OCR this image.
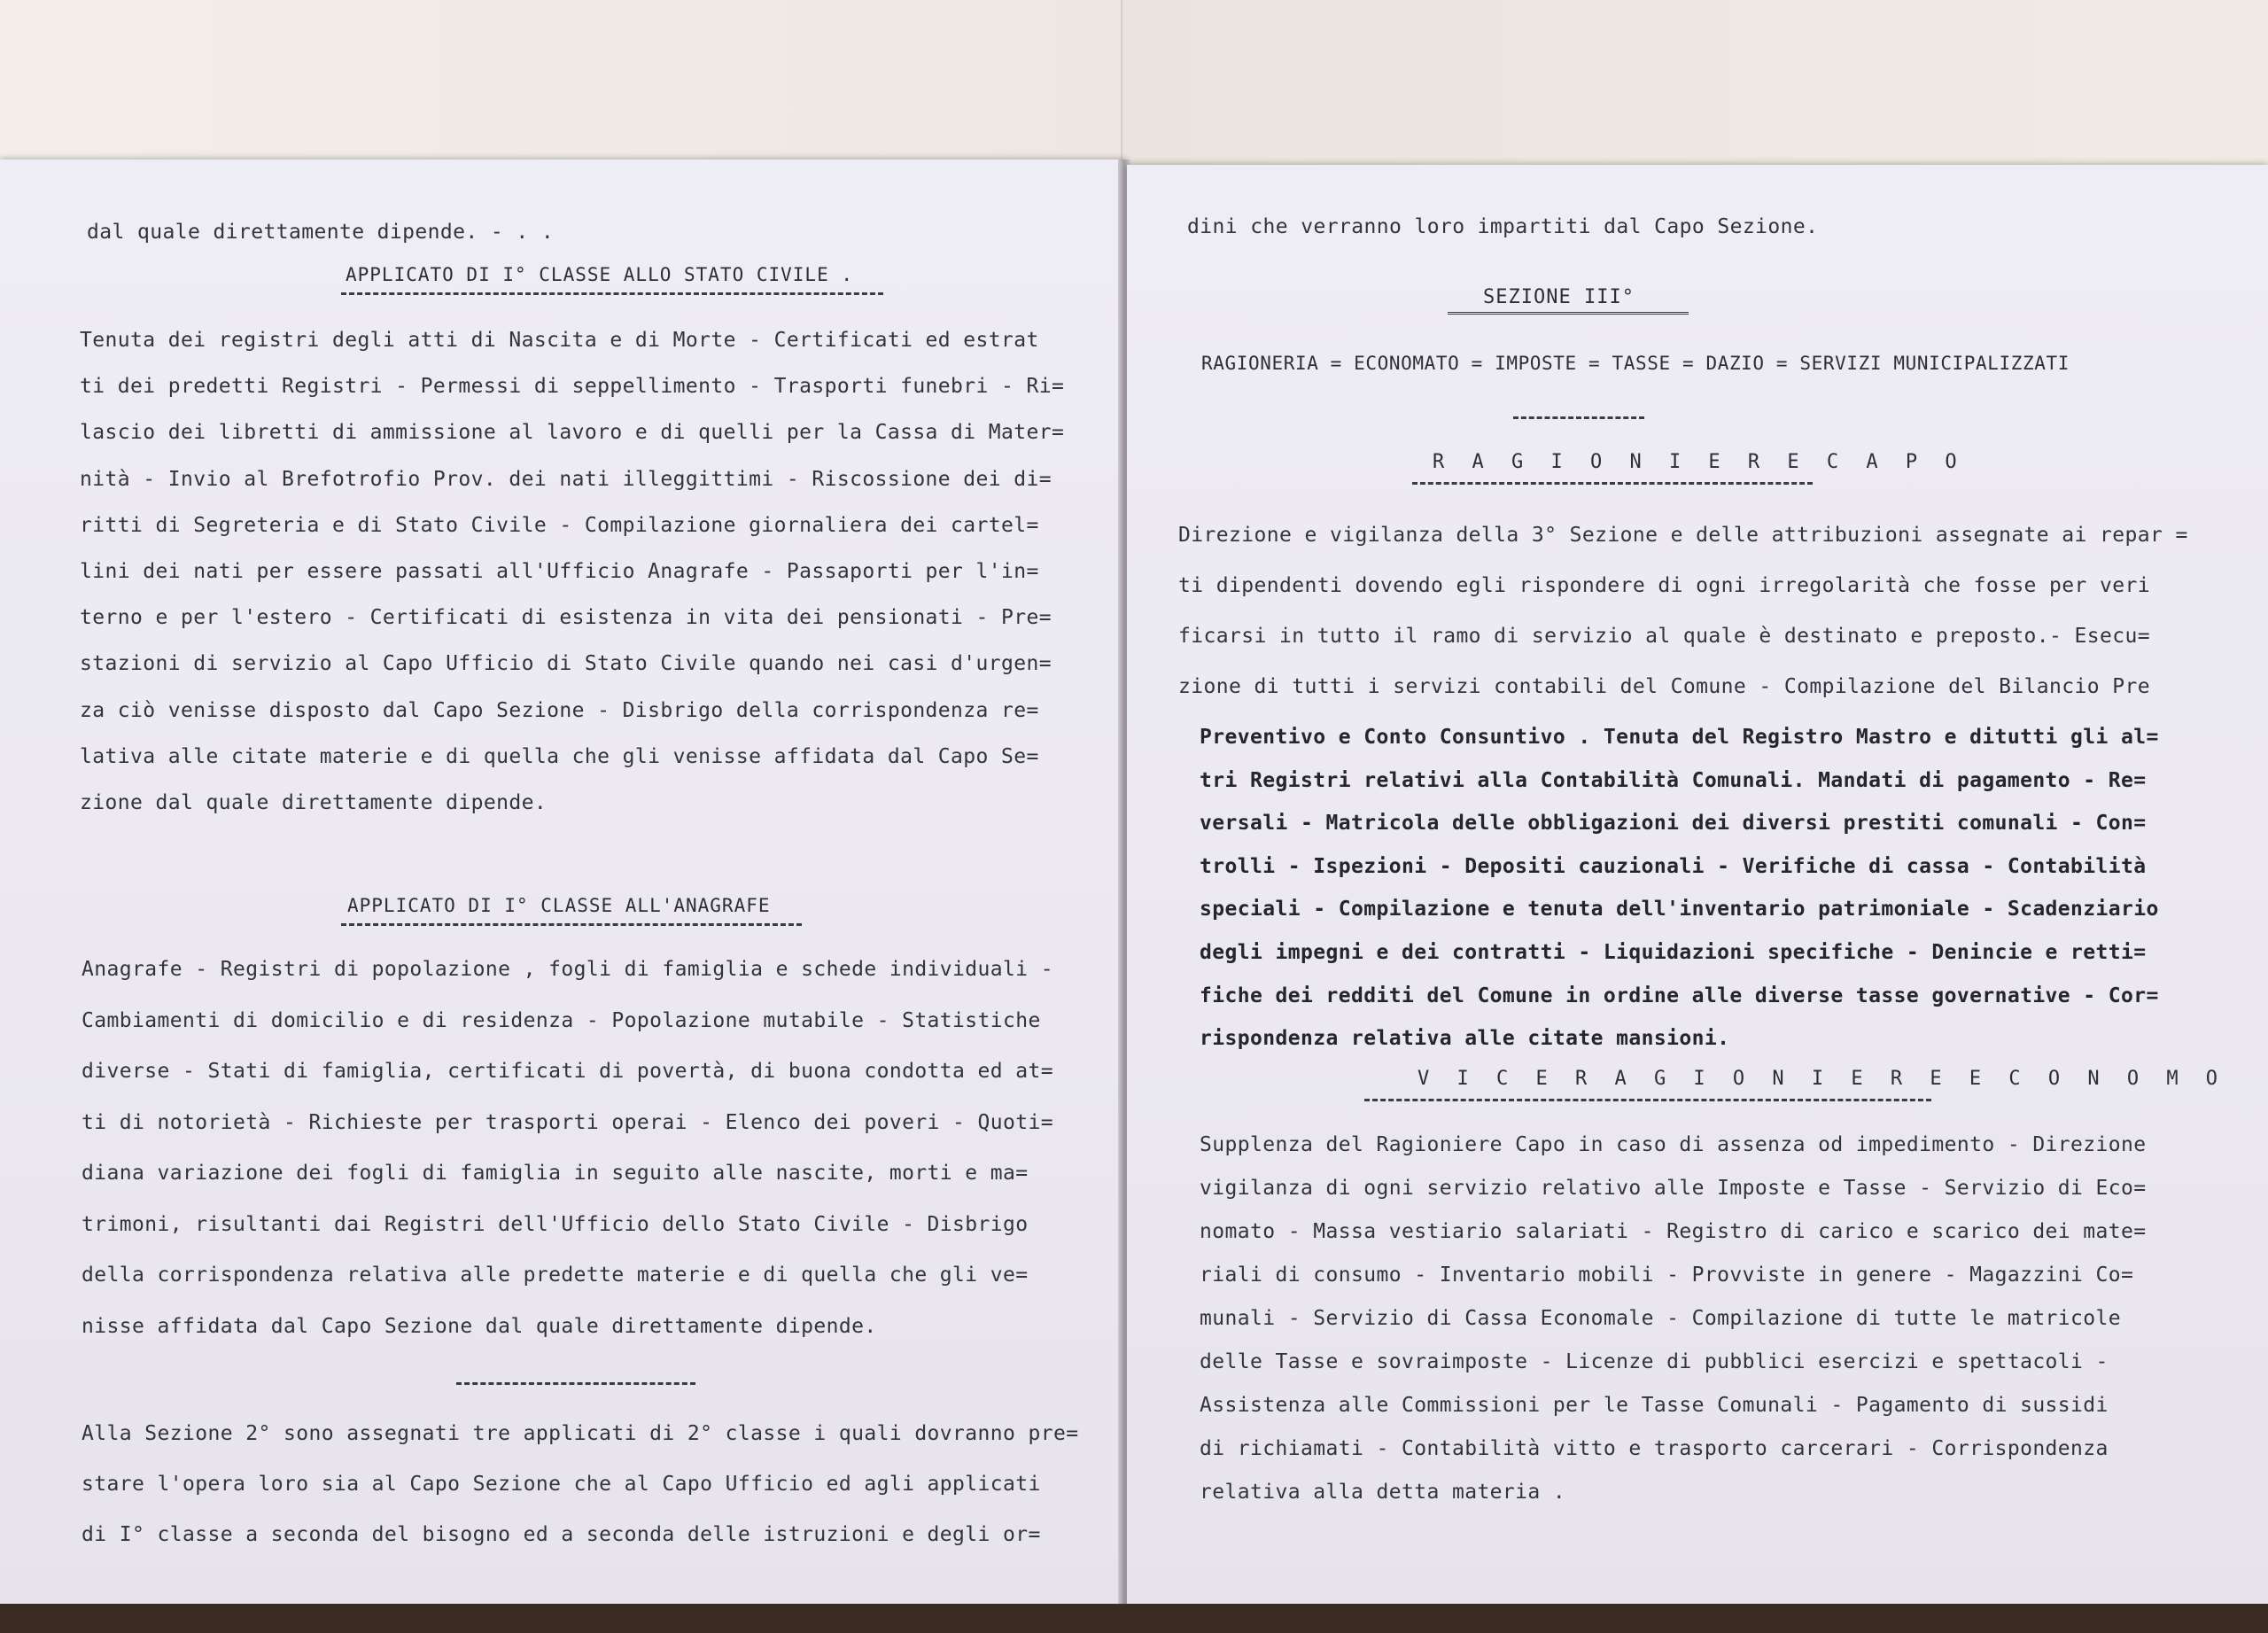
dal quale direttamente dipende. - . .
APPLICATO DI I° CLASSE ALLO STATO CIVILE .
Tenuta dei registri degli atti di Nascita e di Morte - Certificati ed estrat
ti dei predetti Registri - Permessi di seppellimento - Trasporti funebri - Ri=
lascio dei libretti di ammissione al lavoro e di quelli per la Cassa di Mater=
nità - Invio al Brefotrofio Prov. dei nati illeggittimi - Riscossione dei di=
ritti di Segreteria e di Stato Civile - Compilazione giornaliera dei cartel=
lini dei nati per essere passati all'Ufficio Anagrafe - Passaporti per l'in=
terno e per l'estero - Certificati di esistenza in vita dei pensionati - Pre=
stazioni di servizio al Capo Ufficio di Stato Civile quando nei casi d'urgen=
za ciò venisse disposto dal Capo Sezione - Disbrigo della corrispondenza re=
lativa alle citate materie e di quella che gli venisse affidata dal Capo Se=
zione dal quale direttamente dipende.
APPLICATO DI I° CLASSE ALL'ANAGRAFE
Anagrafe - Registri di popolazione , fogli di famiglia e schede individuali -
Cambiamenti di domicilio e di residenza - Popolazione mutabile - Statistiche
diverse - Stati di famiglia, certificati di povertà, di buona condotta ed at=
ti di notorietà - Richieste per trasporti operai - Elenco dei poveri - Quoti=
diana variazione dei fogli di famiglia in seguito alle nascite, morti e ma=
trimoni, risultanti dai Registri dell'Ufficio dello Stato Civile - Disbrigo
della corrispondenza relativa alle predette materie e di quella che gli ve=
nisse affidata dal Capo Sezione dal quale direttamente dipende.
Alla Sezione 2° sono assegnati tre applicati di 2° classe i quali dovranno pre=
stare l'opera loro sia al Capo Sezione che al Capo Ufficio ed agli applicati
di I° classe a seconda del bisogno ed a seconda delle istruzioni e degli or=
dini che verranno loro impartiti dal Capo Sezione.
SEZIONE III°
RAGIONERIA = ECONOMATO = IMPOSTE = TASSE = DAZIO = SERVIZI MUNICIPALIZZATI
R A G I O N I E R E C A P O
Direzione e vigilanza della 3° Sezione e delle attribuzioni assegnate ai repar =
ti dipendenti dovendo egli rispondere di ogni irregolarità che fosse per veri
ficarsi in tutto il ramo di servizio al quale è destinato e preposto.- Esecu=
zione di tutti i servizi contabili del Comune - Compilazione del Bilancio Pre
Preventivo e Conto Consuntivo . Tenuta del Registro Mastro e ditutti gli al=
tri Registri relativi alla Contabilità Comunali. Mandati di pagamento - Re=
versali - Matricola delle obbligazioni dei diversi prestiti comunali - Con=
trolli - Ispezioni - Depositi cauzionali - Verifiche di cassa - Contabilità
speciali - Compilazione e tenuta dell'inventario patrimoniale - Scadenziario
degli impegni e dei contratti - Liquidazioni specifiche - Denincie e retti=
fiche dei redditi del Comune in ordine alle diverse tasse governative - Cor=
rispondenza relativa alle citate mansioni.
V I C E R A G I O N I E R E E C O N O M O
Supplenza del Ragioniere Capo in caso di assenza od impedimento - Direzione
vigilanza di ogni servizio relativo alle Imposte e Tasse - Servizio di Eco=
nomato - Massa vestiario salariati - Registro di carico e scarico dei mate=
riali di consumo - Inventario mobili - Provviste in genere - Magazzini Co=
munali - Servizio di Cassa Economale - Compilazione di tutte le matricole
delle Tasse e sovraimposte - Licenze di pubblici esercizi e spettacoli -
Assistenza alle Commissioni per le Tasse Comunali - Pagamento di sussidi
di richiamati - Contabilità vitto e trasporto carcerari - Corrispondenza
relativa alla detta materia .
